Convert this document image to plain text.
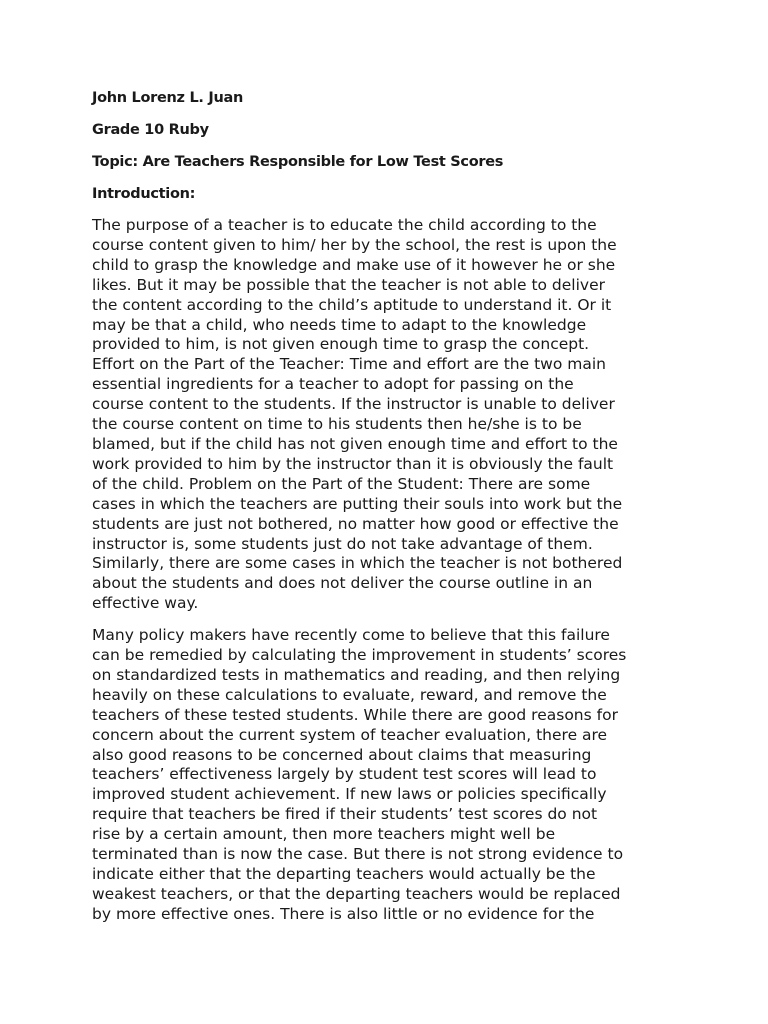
John Lorenz L. Juan
Grade 10 Ruby
Topic: Are Teachers Responsible for Low Test Scores
Introduction:

The purpose of a teacher is to educate the child according to the
course content given to him/ her by the school, the rest is upon the
child to grasp the knowledge and make use of it however he or she
likes. But it may be possible that the teacher is not able to deliver
the content according to the child’s aptitude to understand it. Or it
may be that a child, who needs time to adapt to the knowledge
provided to him, is not given enough time to grasp the concept.
Effort on the Part of the Teacher: Time and effort are the two main
essential ingredients for a teacher to adopt for passing on the
course content to the students. If the instructor is unable to deliver
the course content on time to his students then he/she is to be
blamed, but if the child has not given enough time and effort to the
work provided to him by the instructor than it is obviously the fault
of the child. Problem on the Part of the Student: There are some
cases in which the teachers are putting their souls into work but the
students are just not bothered, no matter how good or effective the
instructor is, some students just do not take advantage of them.
Similarly, there are some cases in which the teacher is not bothered
about the students and does not deliver the course outline in an
effective way.

Many policy makers have recently come to believe that this failure
can be remedied by calculating the improvement in students’ scores
on standardized tests in mathematics and reading, and then relying
heavily on these calculations to evaluate, reward, and remove the
teachers of these tested students. While there are good reasons for
concern about the current system of teacher evaluation, there are
also good reasons to be concerned about claims that measuring
teachers’ effectiveness largely by student test scores will lead to
improved student achievement. If new laws or policies specifically
require that teachers be fired if their students’ test scores do not
rise by a certain amount, then more teachers might well be
terminated than is now the case. But there is not strong evidence to
indicate either that the departing teachers would actually be the
weakest teachers, or that the departing teachers would be replaced
by more effective ones. There is also little or no evidence for the
